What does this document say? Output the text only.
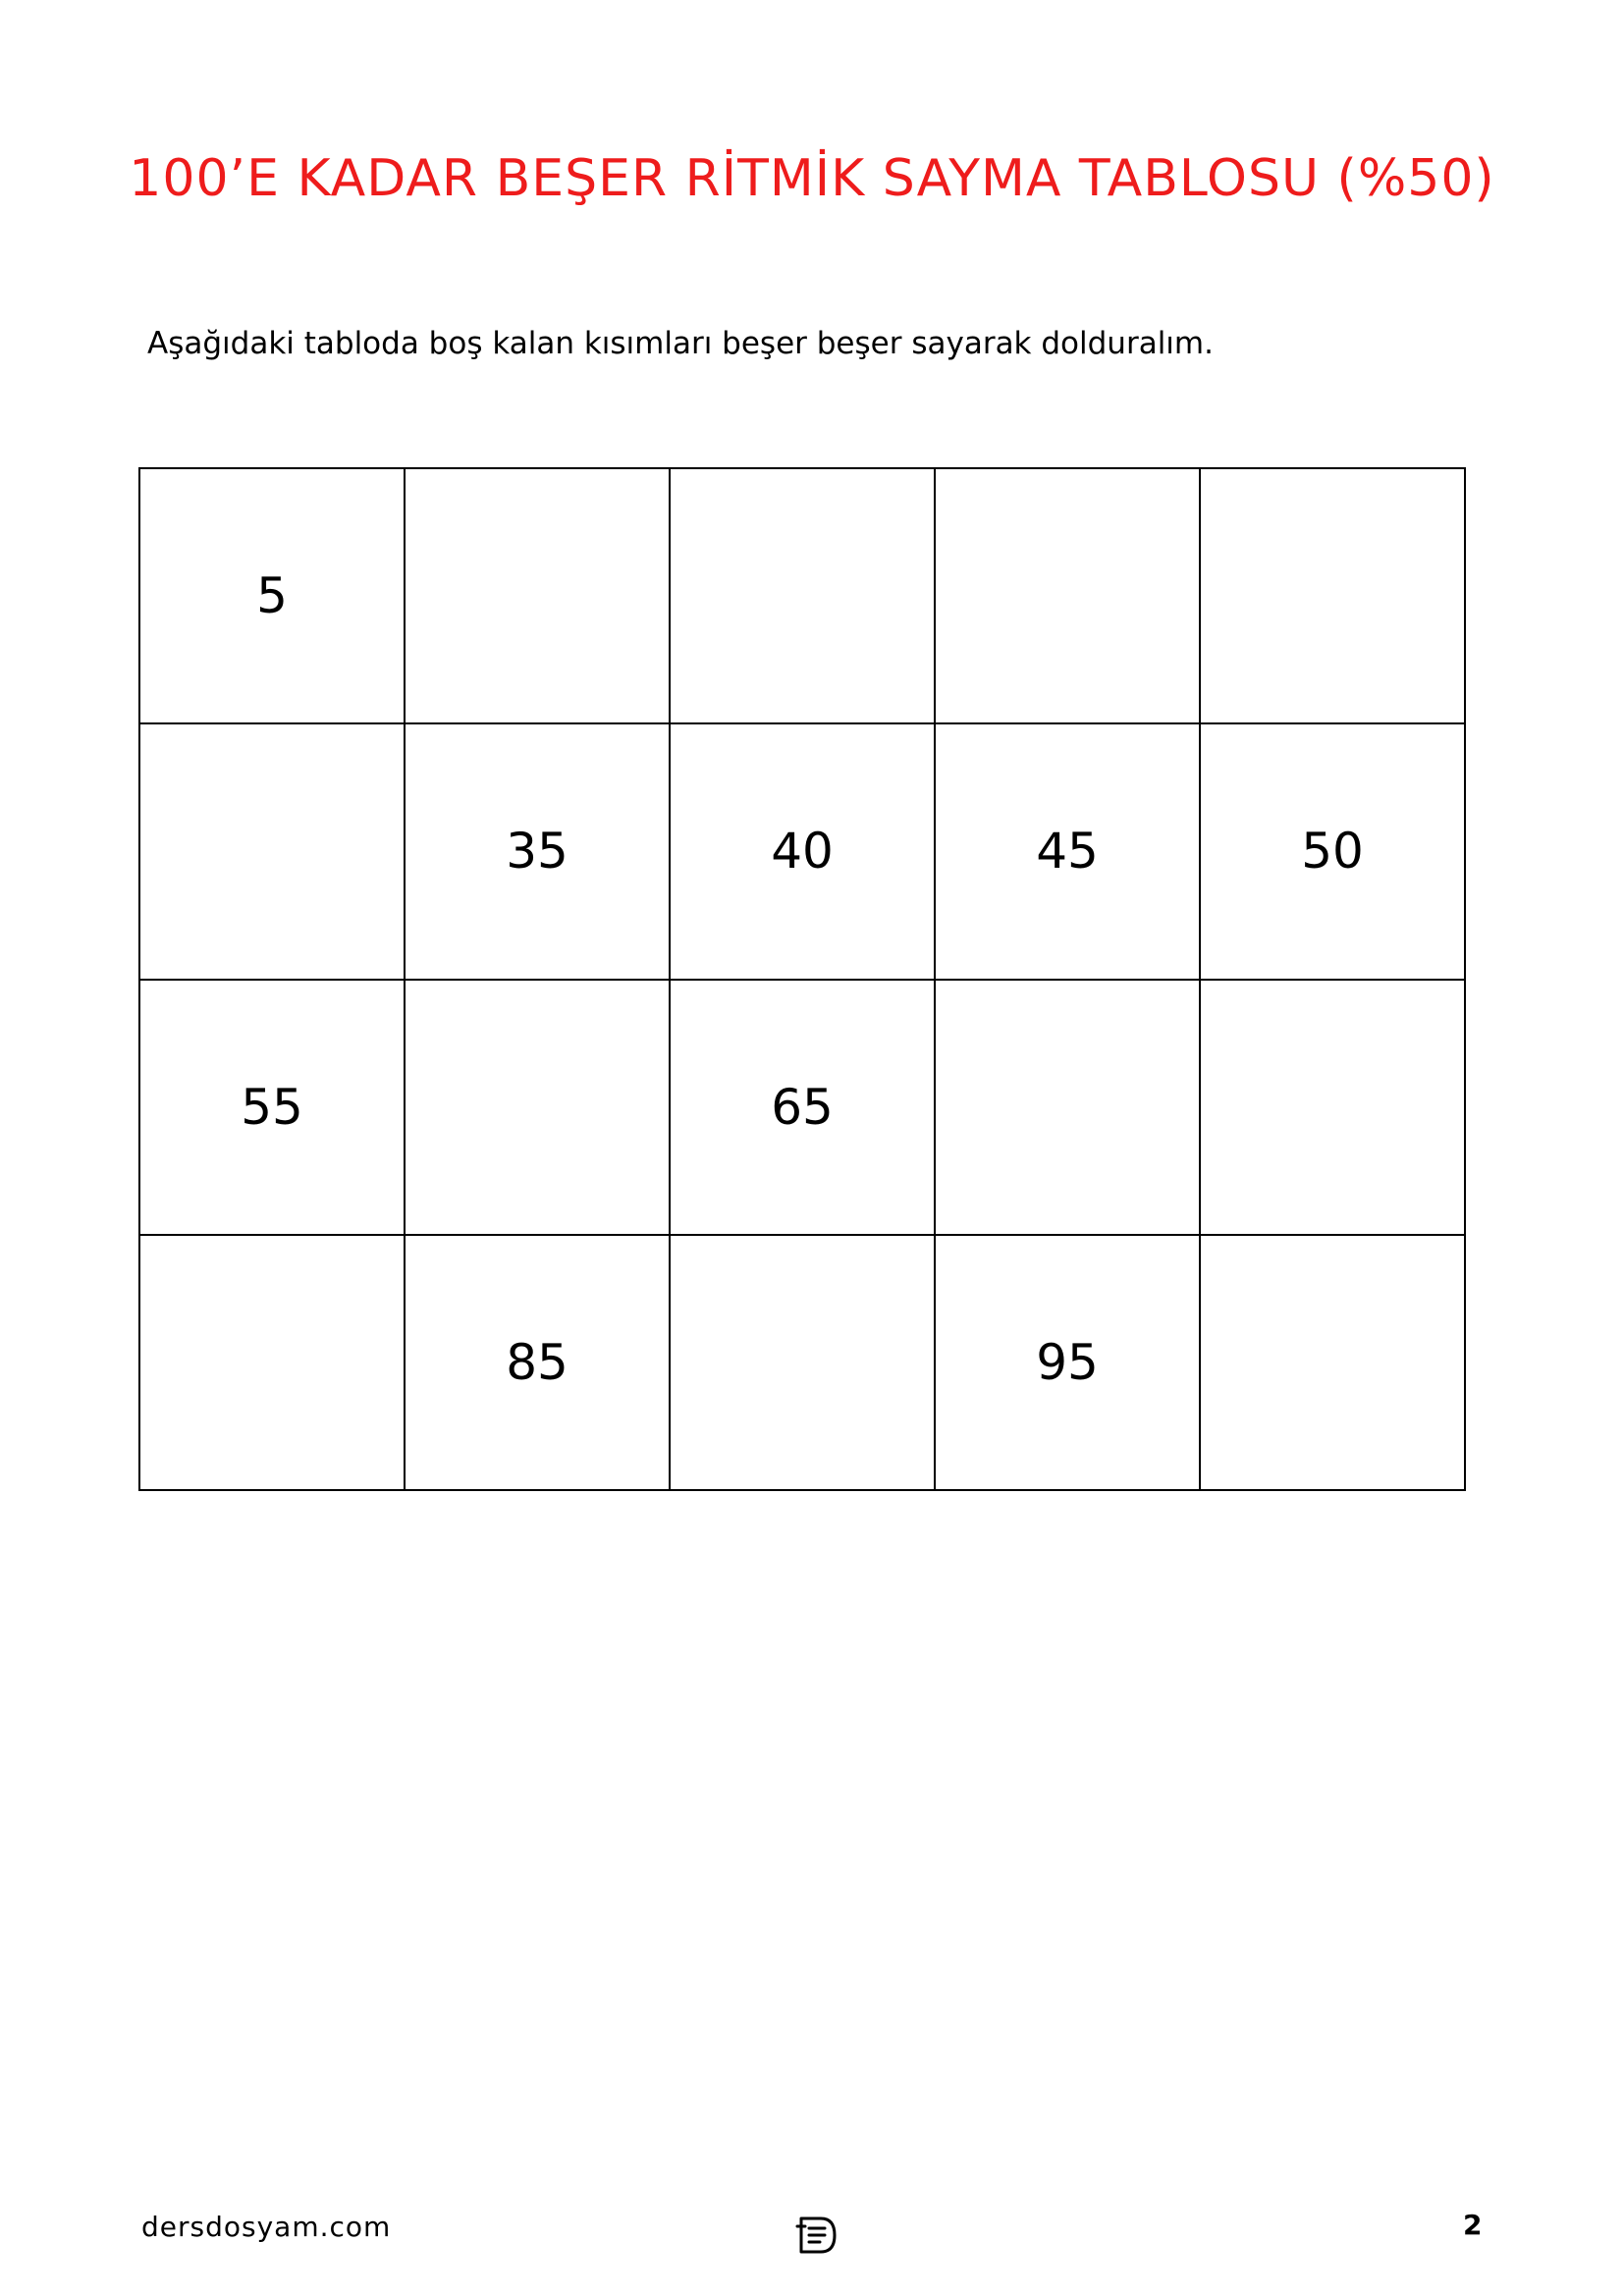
100’E KADAR BEŞER RİTMİK SAYMA TABLOSU (%50)
Aşağıdaki tabloda boş kalan kısımları beşer beşer sayarak dolduralım.
5				
	35	40	45	50
55		65		
	85		95	
dersdosyam.com	2
